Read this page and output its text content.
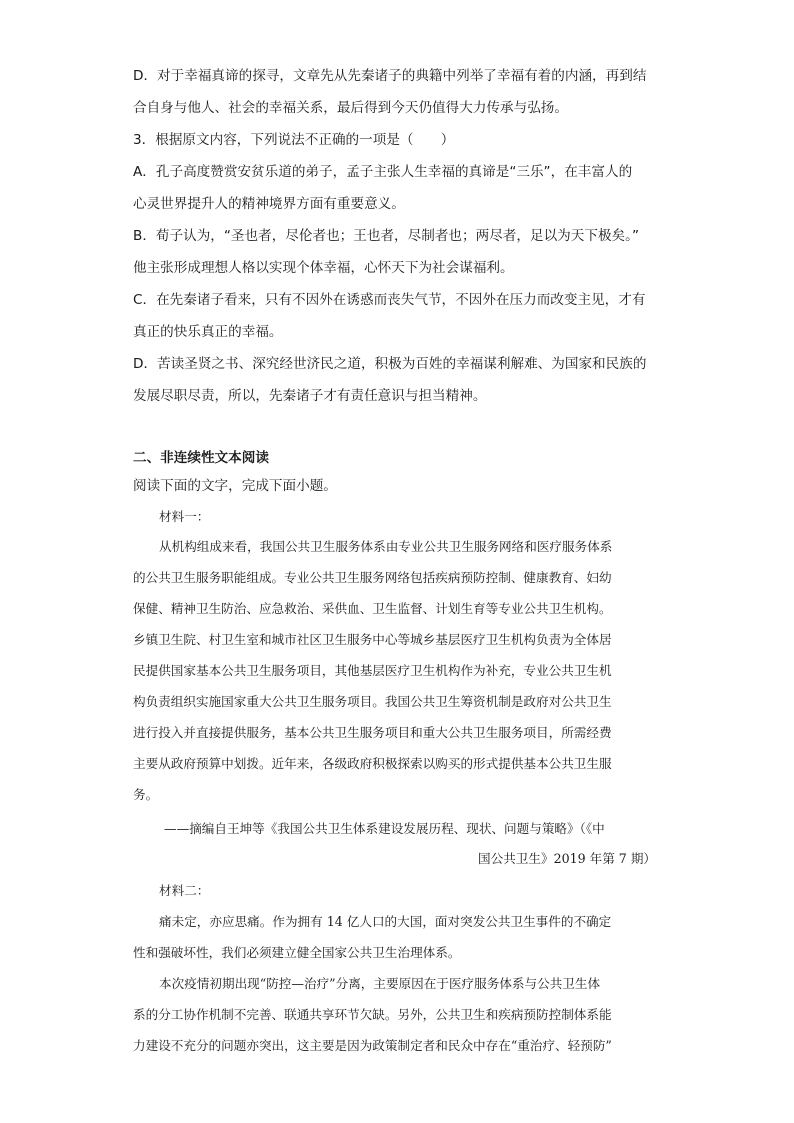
D．对于幸福真谛的探寻，文章先从先秦诸子的典籍中列举了幸福有着的内涵，再到结
合自身与他人、社会的幸福关系，最后得到今天仍值得大力传承与弘扬。
3．根据原文内容，下列说法不正确的一项是（　　）
A．孔子高度赞赏安贫乐道的弟子，孟子主张人生幸福的真谛是“三乐”，在丰富人的
心灵世界提升人的精神境界方面有重要意义。
B．荀子认为，“圣也者，尽伦者也；王也者，尽制者也；两尽者，足以为天下极矣。”
他主张形成理想人格以实现个体幸福，心怀天下为社会谋福利。
C．在先秦诸子看来，只有不因外在诱惑而丧失气节，不因外在压力而改变主见，才有
真正的快乐真正的幸福。
D．苦读圣贤之书、深究经世济民之道，积极为百姓的幸福谋利解难、为国家和民族的
发展尽职尽责，所以，先秦诸子才有责任意识与担当精神。
二、非连续性文本阅读
阅读下面的文字，完成下面小题。
材料一：
从机构组成来看，我国公共卫生服务体系由专业公共卫生服务网络和医疗服务体系
的公共卫生服务职能组成。专业公共卫生服务网络包括疾病预防控制、健康教育、妇幼
保健、精神卫生防治、应急救治、采供血、卫生监督、计划生育等专业公共卫生机构。
乡镇卫生院、村卫生室和城市社区卫生服务中心等城乡基层医疗卫生机构负责为全体居
民提供国家基本公共卫生服务项目，其他基层医疗卫生机构作为补充，专业公共卫生机
构负责组织实施国家重大公共卫生服务项目。我国公共卫生筹资机制是政府对公共卫生
进行投入并直接提供服务，基本公共卫生服务项目和重大公共卫生服务项目，所需经费
主要从政府预算中划拨。近年来，各级政府积极探索以购买的形式提供基本公共卫生服
务。
——摘编自王坤等《我国公共卫生体系建设发展历程、现状、问题与策略》（《中
国公共卫生》2019 年第 7 期）
材料二：
痛未定，亦应思痛。作为拥有 14 亿人口的大国，面对突发公共卫生事件的不确定
性和强破坏性，我们必须建立健全国家公共卫生治理体系。
本次疫情初期出现“防控—治疗”分离，主要原因在于医疗服务体系与公共卫生体
系的分工协作机制不完善、联通共享环节欠缺。另外，公共卫生和疾病预防控制体系能
力建设不充分的问题亦突出，这主要是因为政策制定者和民众中存在“重治疗、轻预防”
